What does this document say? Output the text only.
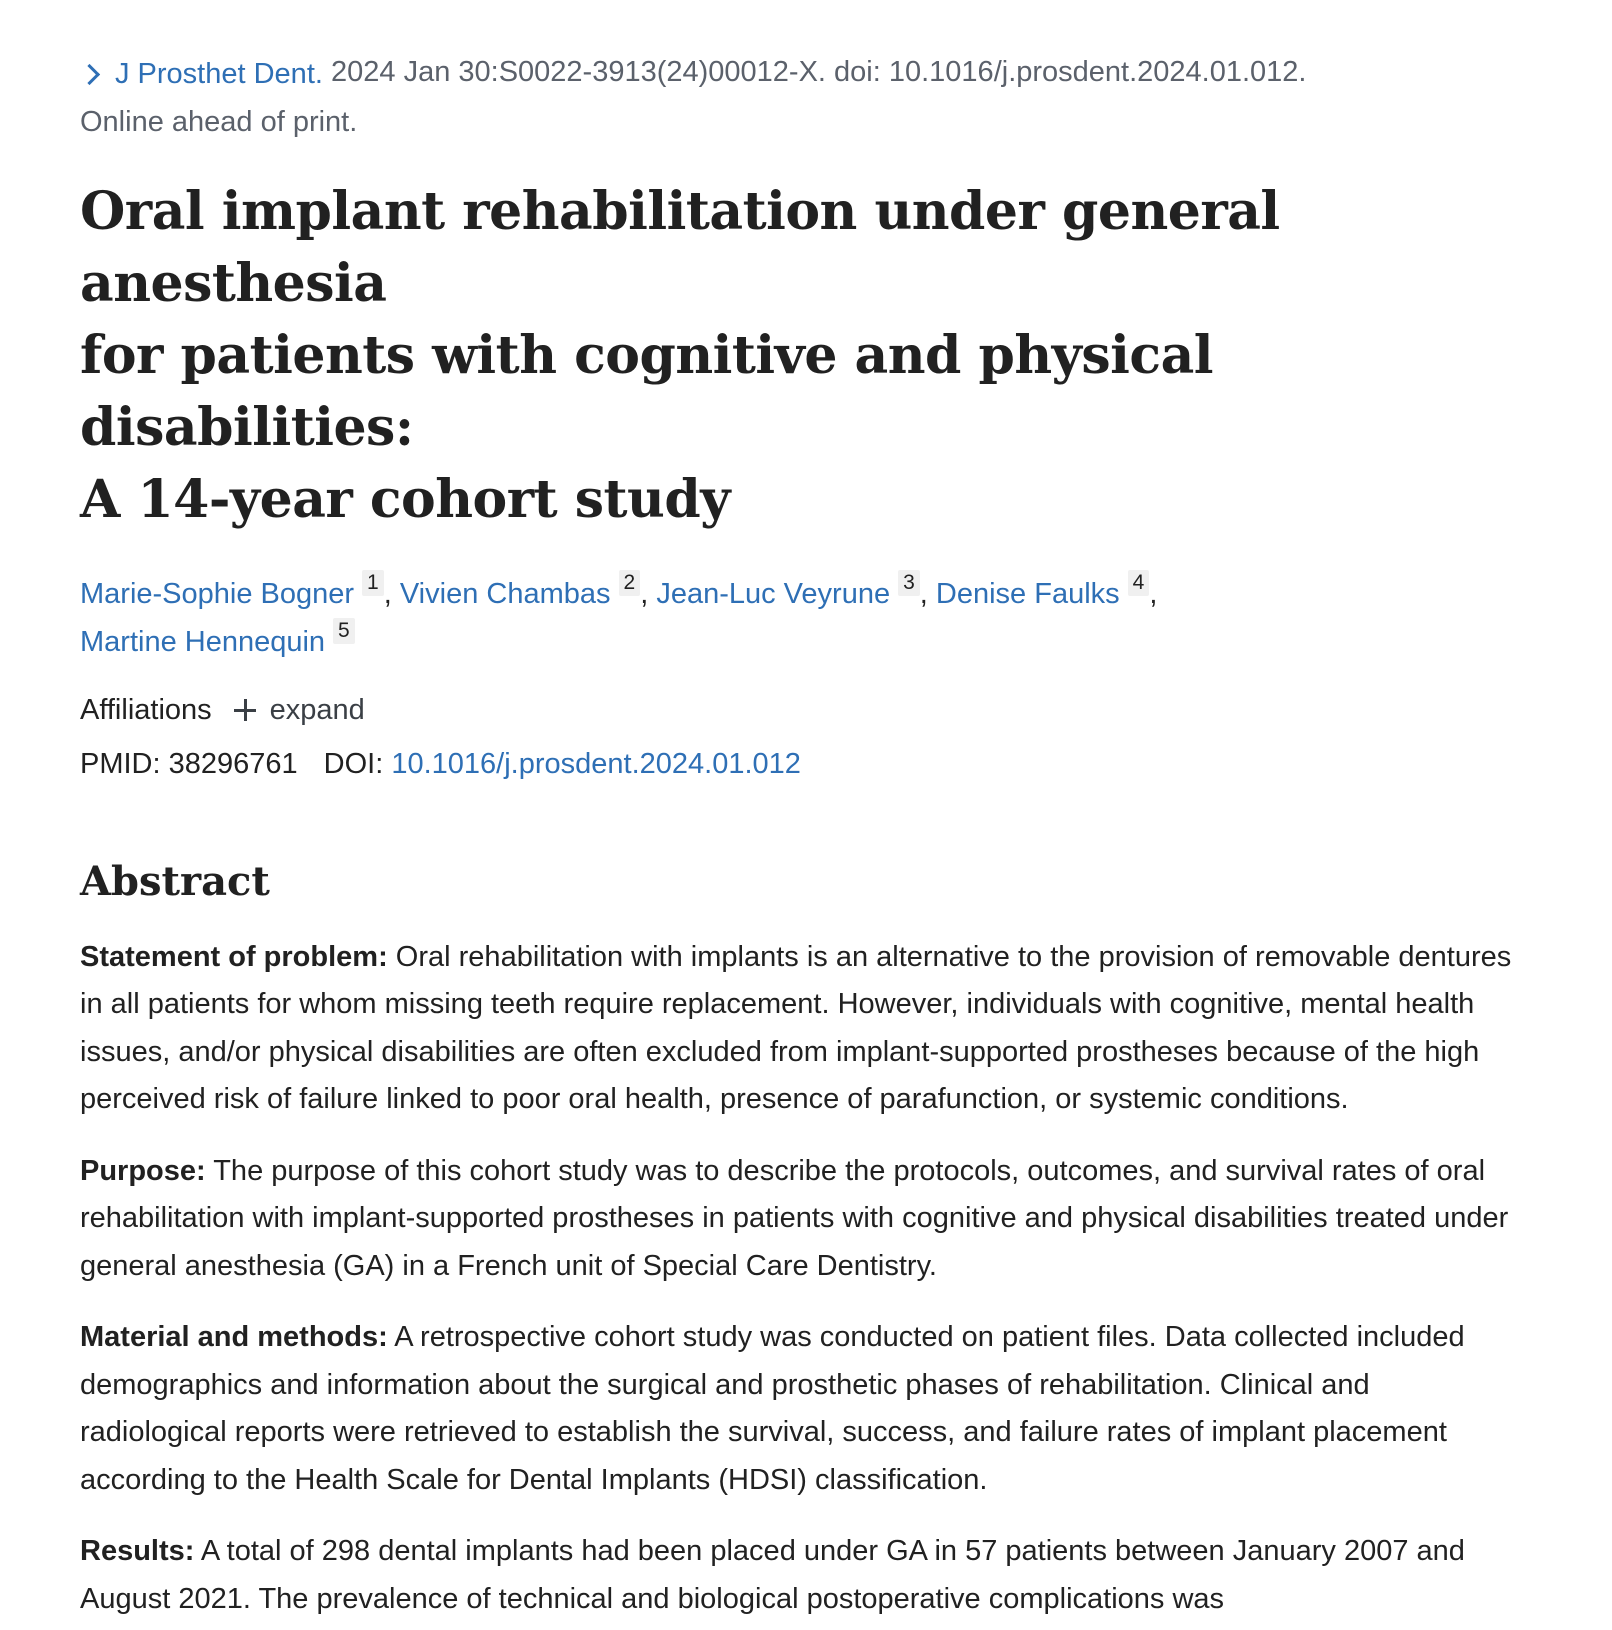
J Prosthet Dent. 2024 Jan 30:S0022-3913(24)00012-X. doi: 10.1016/j.prosdent.2024.01.012.
Online ahead of print.

Oral implant rehabilitation under general anesthesia
for patients with cognitive and physical disabilities:
A 14-year cohort study
Marie-Sophie Bogner 1 , Vivien Chambas 2 , Jean-Luc Veyrune 3 , Denise Faulks 4 ,
Martine Hennequin 5
Affiliations expand
PMID: 38296761 DOI: 10.1016/j.prosdent.2024.01.012
Abstract

Statement of problem: Oral rehabilitation with implants is an alternative to the provision of removable dentures in all patients for whom missing teeth require replacement. However, individuals with cognitive, mental health issues, and/or physical disabilities are often excluded from implant-supported prostheses because of the high perceived risk of failure linked to poor oral health, presence of parafunction, or systemic conditions.

Purpose: The purpose of this cohort study was to describe the protocols, outcomes, and survival rates of oral rehabilitation with implant-supported prostheses in patients with cognitive and physical disabilities treated under general anesthesia (GA) in a French unit of Special Care Dentistry.

Material and methods: A retrospective cohort study was conducted on patient files. Data collected included demographics and information about the surgical and prosthetic phases of rehabilitation. Clinical and radiological reports were retrieved to establish the survival, success, and failure rates of implant placement according to the Health Scale for Dental Implants (HDSI) classification.

Results: A total of 298 dental implants had been placed under GA in 57 patients between January 2007 and August 2021. The prevalence of technical and biological postoperative complications was
